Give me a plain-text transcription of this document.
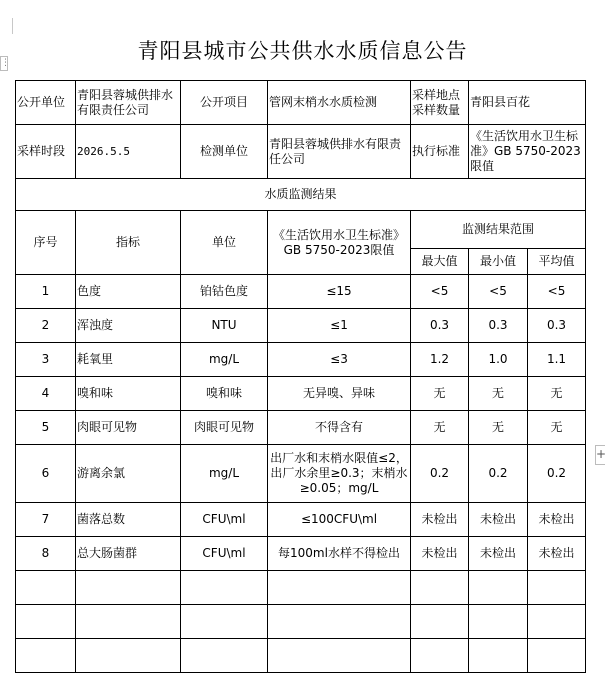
⋮
+
青阳县城市公共供水水质信息公告
公开单位	青阳县蓉城供排水有限责任公司	公开项目	管网末梢水水质检测	采样地点采样数量	青阳县百花	
采样时段	2026.5.5	检测单位	青阳县蓉城供排水有限责任公司	执行标准	《生活饮用水卫生标准》GB 5750-2023限值	
水质监测结果						
序号	指标	单位	《生活饮用水卫生标准》GB 5750-2023限值	监测结果范围		
				最大值	最小值	平均值
1	色度	铂钴色度	≤15	<5	<5	<5
2	浑浊度	NTU	≤1	0.3	0.3	0.3
3	耗氧里	mg/L	≤3	1.2	1.0	1.1
4	嗅和味	嗅和味	无异嗅、异味	无	无	无
5	肉眼可见物	肉眼可见物	不得含有	无	无	无
6	游离余氯	mg/L	出厂水和末梢水限值≤2，出厂水余里≥0.3；末梢水≥0.05；mg/L	0.2	0.2	0.2
7	菌落总数	CFU\ml	≤100CFU\ml	未检出	未检出	未检出
8	总大肠菌群	CFU\ml	每100ml水样不得检出	未检出	未检出	未检出
